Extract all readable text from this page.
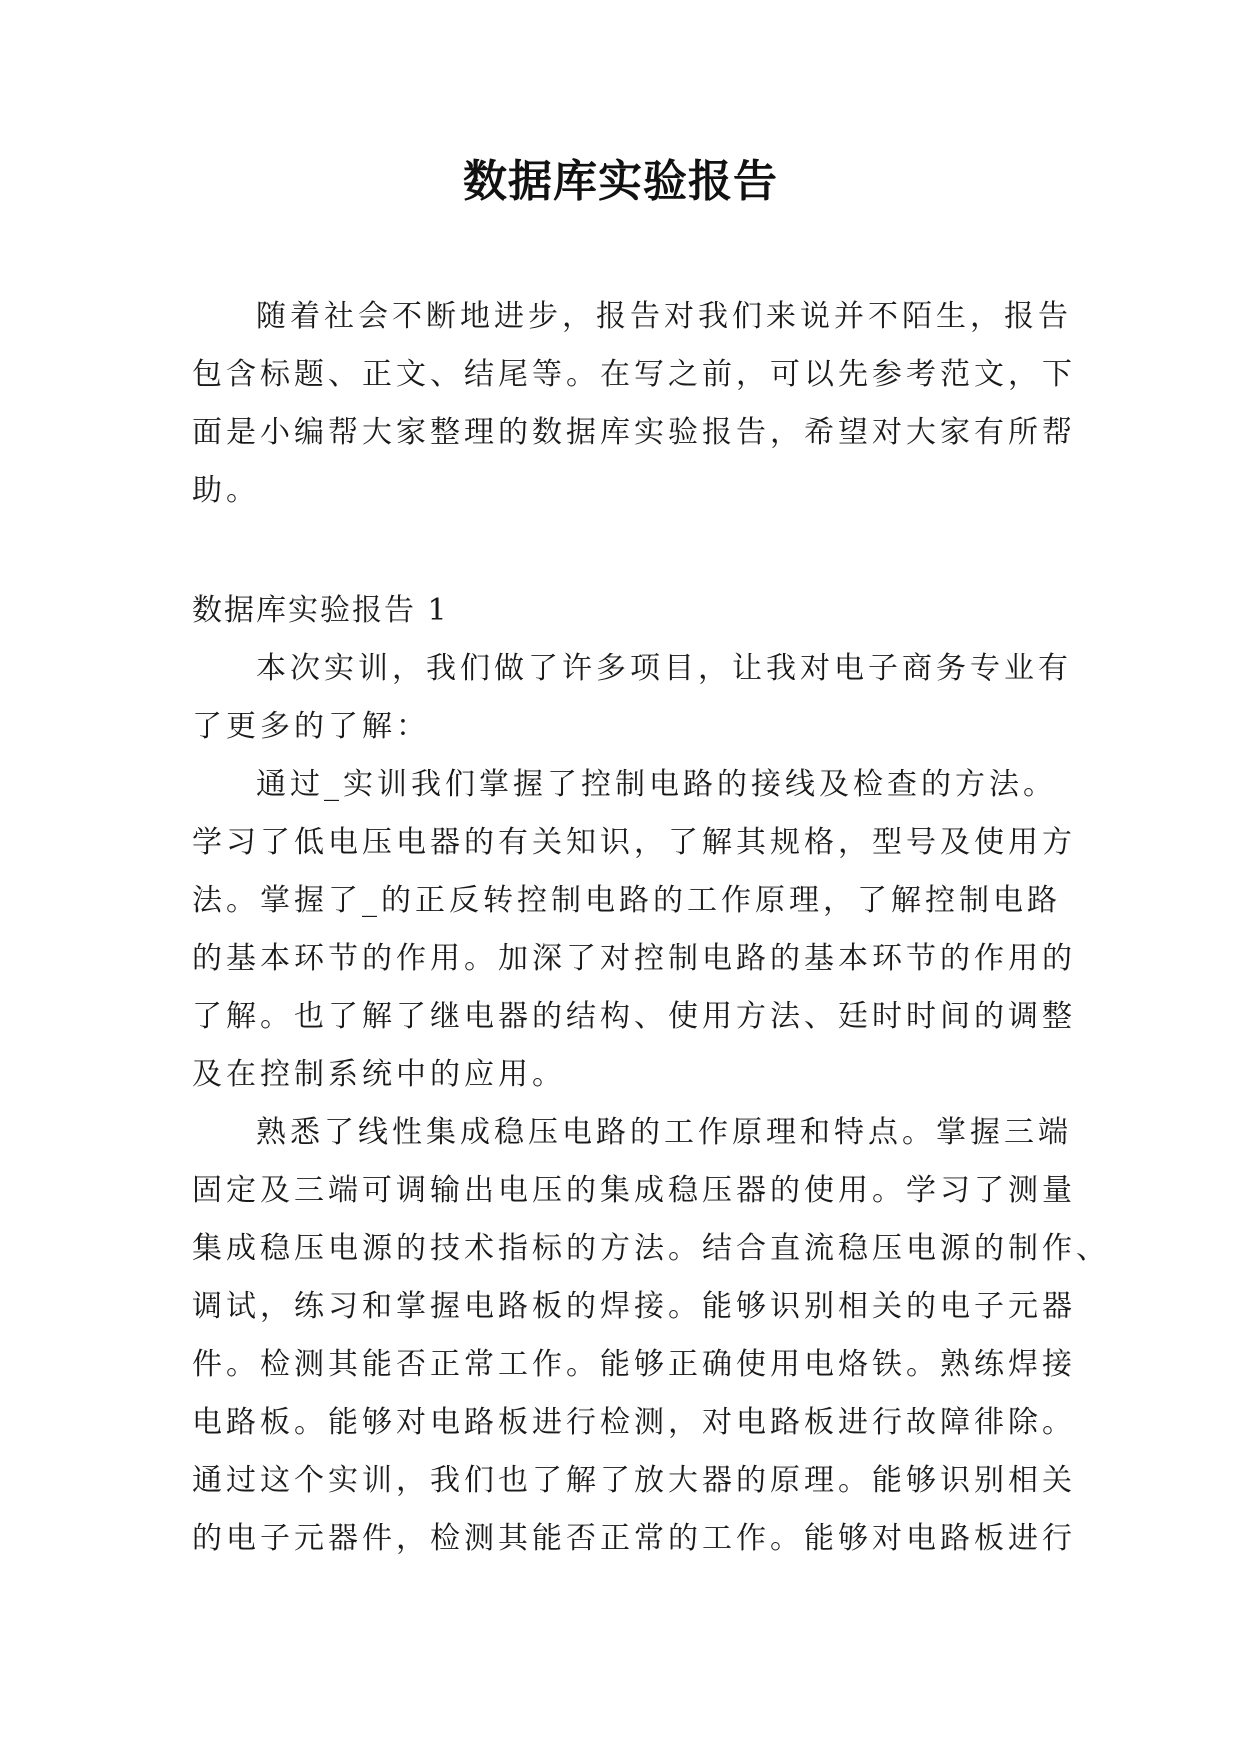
数据库实验报告
随着社会不断地进步，报告对我们来说并不陌生，报告
包含标题、正文、结尾等。在写之前，可以先参考范文，下
面是小编帮大家整理的数据库实验报告，希望对大家有所帮
助。
数据库实验报告 1
本次实训，我们做了许多项目，让我对电子商务专业有
了更多的了解：
通过_实训我们掌握了控制电路的接线及检查的方法。
学习了低电压电器的有关知识，了解其规格，型号及使用方
法。掌握了_的正反转控制电路的工作原理，了解控制电路
的基本环节的作用。加深了对控制电路的基本环节的作用的
了解。也了解了继电器的结构、使用方法、廷时时间的调整
及在控制系统中的应用。
熟悉了线性集成稳压电路的工作原理和特点。掌握三端
固定及三端可调输出电压的集成稳压器的使用。学习了测量
集成稳压电源的技术指标的方法。结合直流稳压电源的制作、
调试，练习和掌握电路板的焊接。能够识别相关的电子元器
件。检测其能否正常工作。能够正确使用电烙铁。熟练焊接
电路板。能够对电路板进行检测，对电路板进行故障徘除。
通过这个实训，我们也了解了放大器的原理。能够识别相关
的电子元器件，检测其能否正常的工作。能够对电路板进行
